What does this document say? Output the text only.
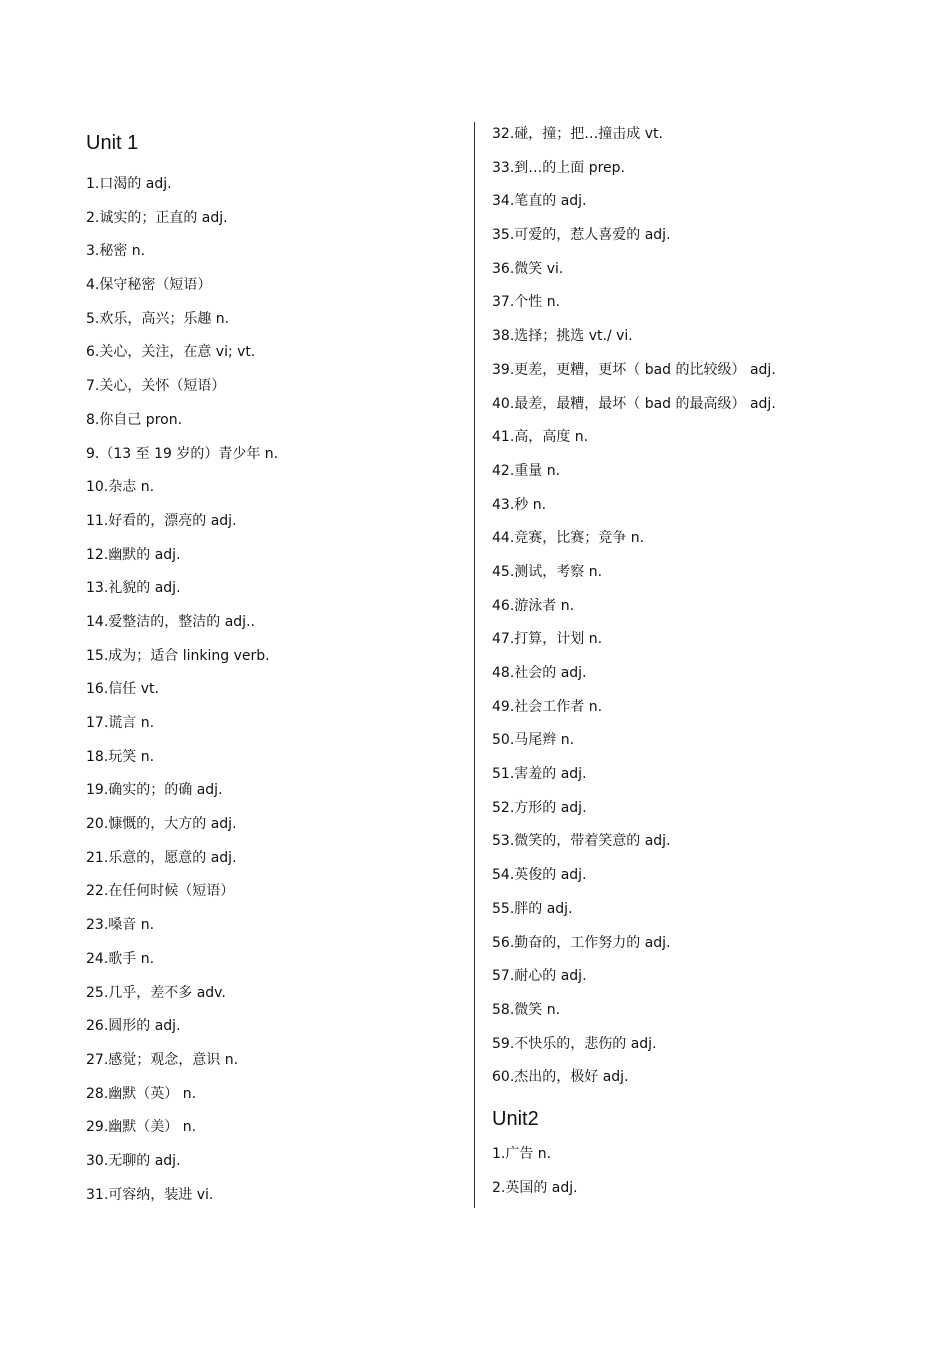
Unit 1
1.口渴的 adj.
2.诚实的；正直的 adj.
3.秘密 n.
4.保守秘密（短语）
5.欢乐，高兴；乐趣 n.
6.关心，关注，在意 vi; vt.
7.关心，关怀（短语）
8.你自己 pron.
9.（13 至 19 岁的）青少年 n.
10.杂志 n.
11.好看的，漂亮的 adj.
12.幽默的 adj.
13.礼貌的 adj.
14.爱整洁的，整洁的 adj..
15.成为；适合 linking verb.
16.信任 vt.
17.谎言 n.
18.玩笑 n.
19.确实的；的确 adj.
20.慷慨的，大方的 adj.
21.乐意的，愿意的 adj.
22.在任何时候（短语）
23.嗓音 n.
24.歌手 n.
25.几乎，差不多 adv.
26.圆形的 adj.
27.感觉；观念，意识 n.
28.幽默（英） n.
29.幽默（美） n.
30.无聊的 adj.
31.可容纳，装进 vi.
32.碰，撞；把…撞击成 vt.
33.到…的上面 prep.
34.笔直的 adj.
35.可爱的，惹人喜爱的 adj.
36.微笑 vi.
37.个性 n.
38.选择；挑选 vt./ vi.
39.更差，更糟，更坏（ bad 的比较级） adj.
40.最差，最糟，最坏（ bad 的最高级） adj.
41.高，高度 n.
42.重量 n.
43.秒 n.
44.竞赛，比赛；竞争 n.
45.测试，考察 n.
46.游泳者 n.
47.打算，计划 n.
48.社会的 adj.
49.社会工作者 n.
50.马尾辫 n.
51.害羞的 adj.
52.方形的 adj.
53.微笑的，带着笑意的 adj.
54.英俊的 adj.
55.胖的 adj.
56.勤奋的，工作努力的 adj.
57.耐心的 adj.
58.微笑 n.
59.不快乐的，悲伤的 adj.
60.杰出的，极好 adj.
Unit2
1.广告 n.
2.英国的 adj.
